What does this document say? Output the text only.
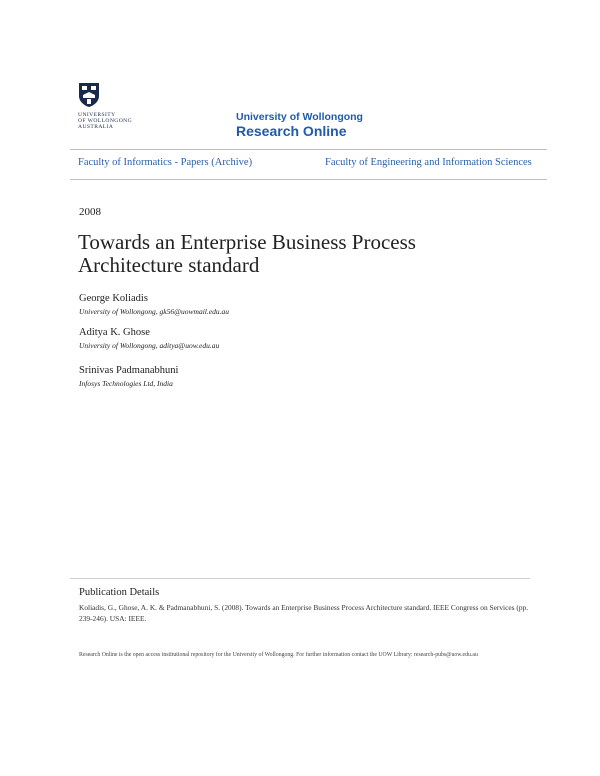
UNIVERSITY
OF WOLLONGONG
AUSTRALIA
University of Wollongong
Research Online
Faculty of Informatics - Papers (Archive)	Faculty of Engineering and Information Sciences
2008
Towards an Enterprise Business Process Architecture standard
George Koliadis
University of Wollongong, gk56@uowmail.edu.au
Aditya K. Ghose
University of Wollongong, aditya@uow.edu.au
Srinivas Padmanabhuni
Infosys Technologies Ltd, India
Publication Details
Koliadis, G., Ghose, A. K. & Padmanabhuni, S. (2008). Towards an Enterprise Business Process Architecture standard. IEEE Congress on Services (pp. 239-246). USA: IEEE.
Research Online is the open access institutional repository for the University of Wollongong. For further information contact the UOW Library: research-pubs@uow.edu.au
